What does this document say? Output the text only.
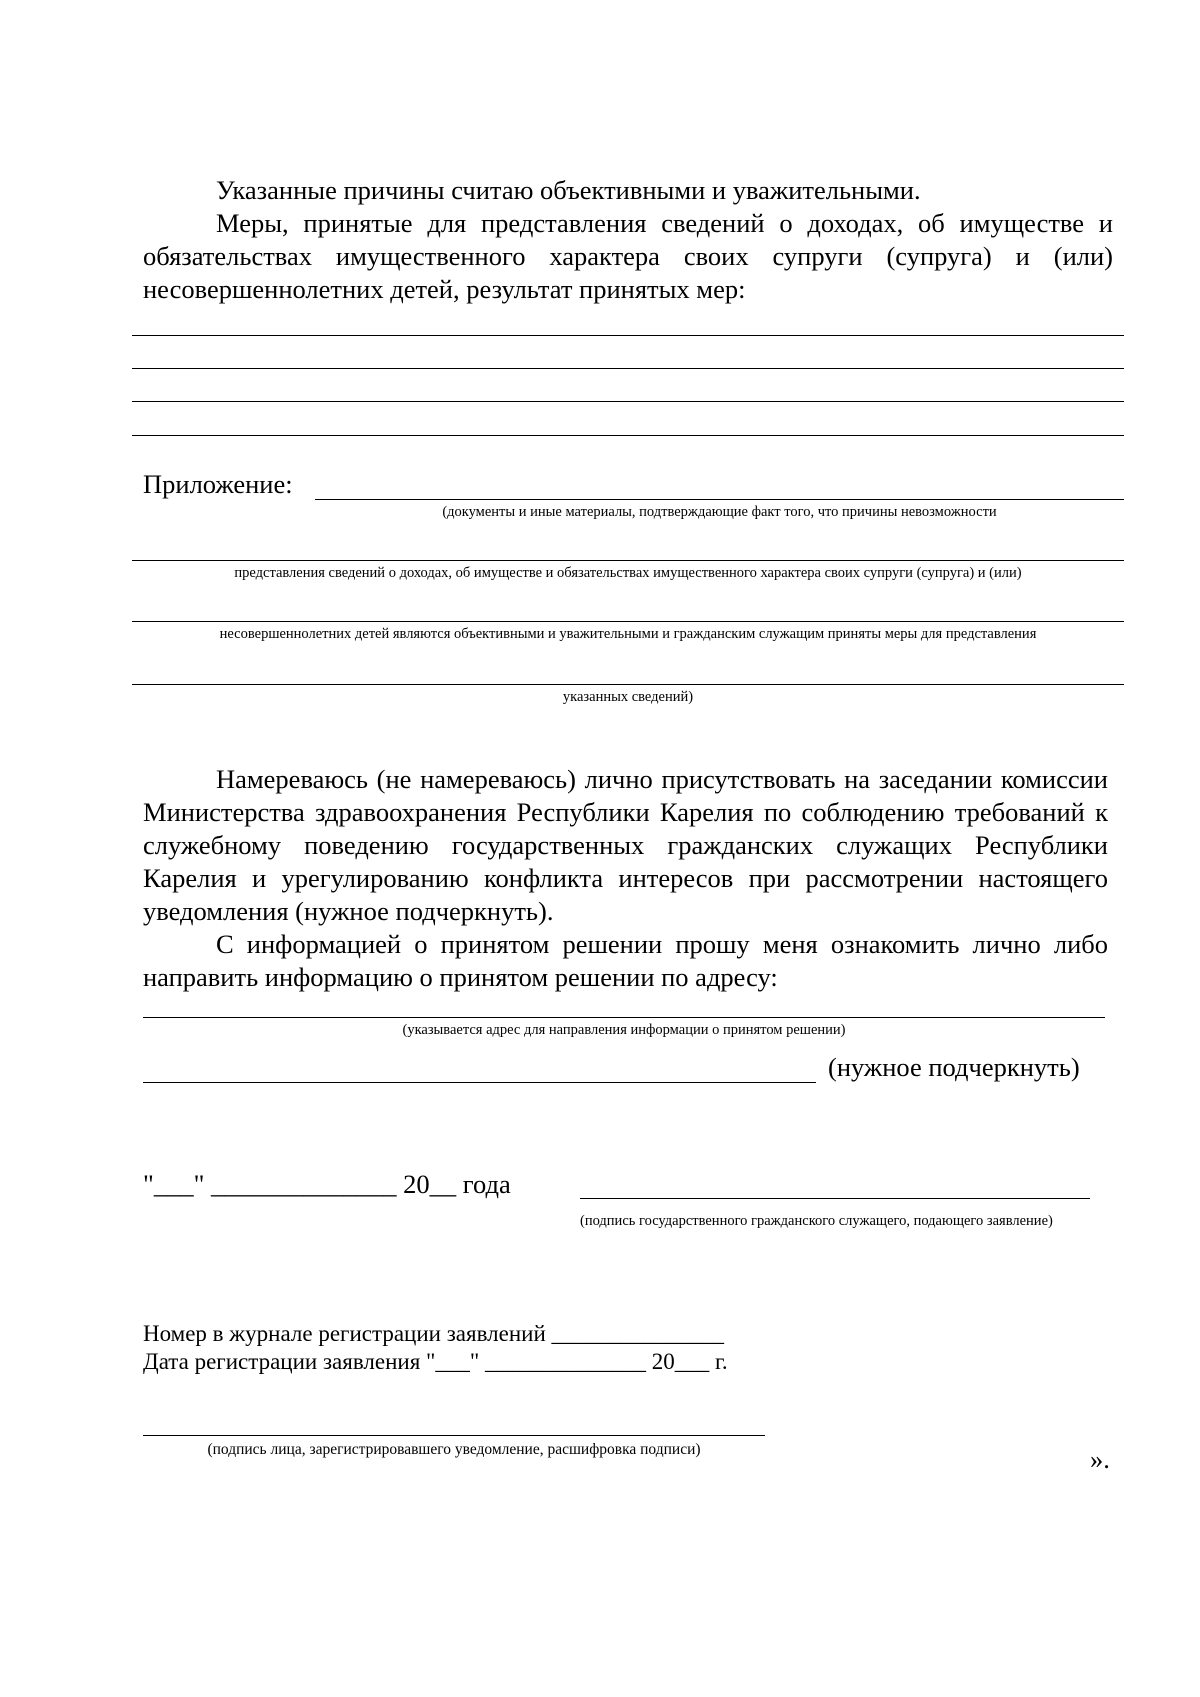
Указанные причины считаю объективными и уважительными.

Меры, принятые для представления сведений о доходах, об имуществе и обязательствах имущественного характера своих супруги (супруга) и (или) несовершеннолетних детей, результат принятых мер:

Приложение:
(документы и иные материалы, подтверждающие факт того, что причины невозможности
представления сведений о доходах, об имуществе и обязательствах имущественного характера своих супруги (супруга) и (или)
несовершеннолетних детей являются объективными и уважительными и гражданским служащим приняты меры для представления
указанных сведений)

Намереваюсь (не намереваюсь) лично присутствовать на заседании комиссии Министерства здравоохранения Республики Карелия по соблюдению требований к служебному поведению государственных гражданских служащих Республики Карелия и урегулированию конфликта интересов при рассмотрении настоящего уведомления (нужное подчеркнуть).

С информацией о принятом решении прошу меня ознакомить лично либо направить информацию о принятом решении по адресу:

(указывается адрес для направления информации о принятом решении)
(нужное подчеркнуть)
"___" ______________ 20__ года
(подпись государственного гражданского служащего, подающего заявление)
Номер в журнале регистрации заявлений _______________
Дата регистрации заявления "___" ______________ 20___ г.
(подпись лица, зарегистрировавшего уведомление, расшифровка подписи)	».
